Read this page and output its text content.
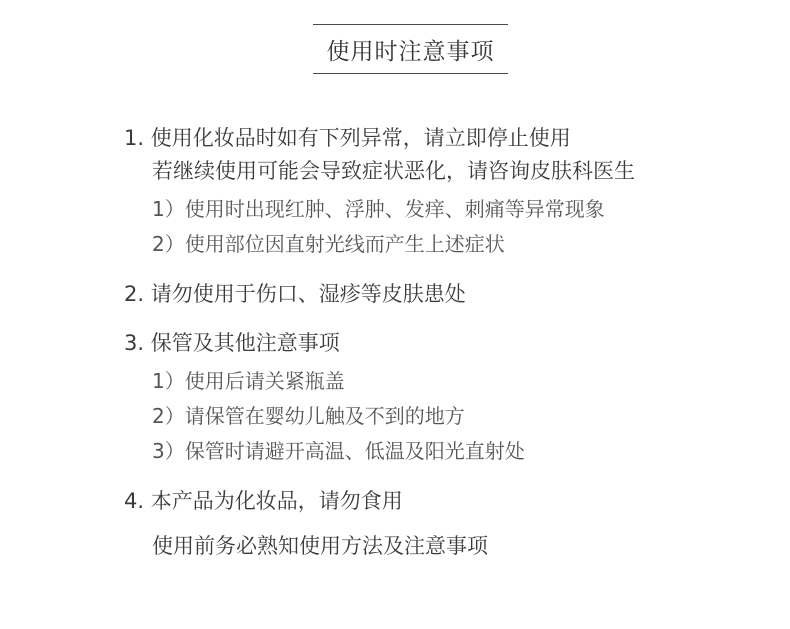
使用时注意事项
1. 使用化妆品时如有下列异常，请立即停止使用
若继续使用可能会导致症状恶化，请咨询皮肤科医生
1）使用时出现红肿、浮肿、发痒、刺痛等异常现象
2）使用部位因直射光线而产生上述症状
2. 请勿使用于伤口、湿疹等皮肤患处
3. 保管及其他注意事项
1）使用后请关紧瓶盖
2）请保管在婴幼儿触及不到的地方
3）保管时请避开高温、低温及阳光直射处
4. 本产品为化妆品，请勿食用
使用前务必熟知使用方法及注意事项
